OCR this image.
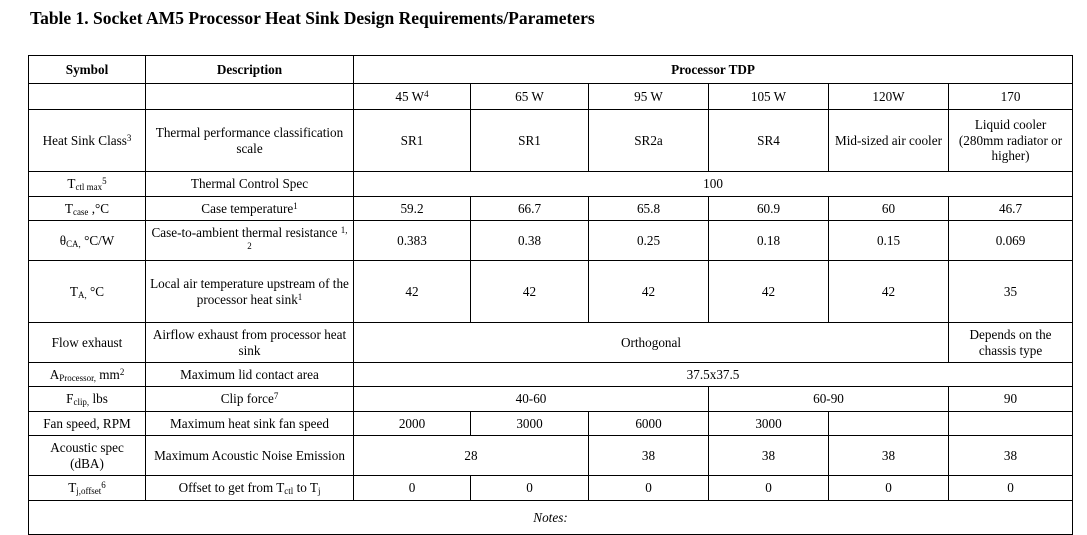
Table 1. Socket AM5 Processor Heat Sink Design Requirements/Parameters
Symbol	Description	Processor TDP					
		45 $W^4$	65 W	95 W	105 W	120W	170
Heat Sink Class$^3$	Thermal performance classification scale	SR1	SR1	SR2a	SR4	Mid-sized air cooler	Liquid cooler (280mm radiator or higher)
$T_{ctl max}^5$	Thermal Control Spec	100					
$T_{case}$ ,°C	Case temperature$^1$	59.2	66.7	65.8	60.9	60	46.7
$\theta_{CA,}$ °C/W	Case-to-ambient thermal resistance $^{1, 2}$	0.383	0.38	0.25	0.18	0.15	0.069
$T_{A,}$ °C	Local air temperature upstream of the processor heat sink$^1$	42	42	42	42	42	35
Flow exhaust	Airflow exhaust from processor heat sink	Orthogonal					Depends on the chassis type
$A_{Processor,}$ $mm^2$	Maximum lid contact area	37.5x37.5					
$F_{clip,}$ lbs	Clip force$^7$	40-60			60-90		90
Fan speed, RPM	Maximum heat sink fan speed	2000	3000	6000	3000		
Acoustic spec (dBA)	Maximum Acoustic Noise Emission	28		38	38	38	38
$T_{j,offset}^6$	Offset to get from $T_{ctl}$ to $T_j$	0	0	0	0	0	0
Notes:							
